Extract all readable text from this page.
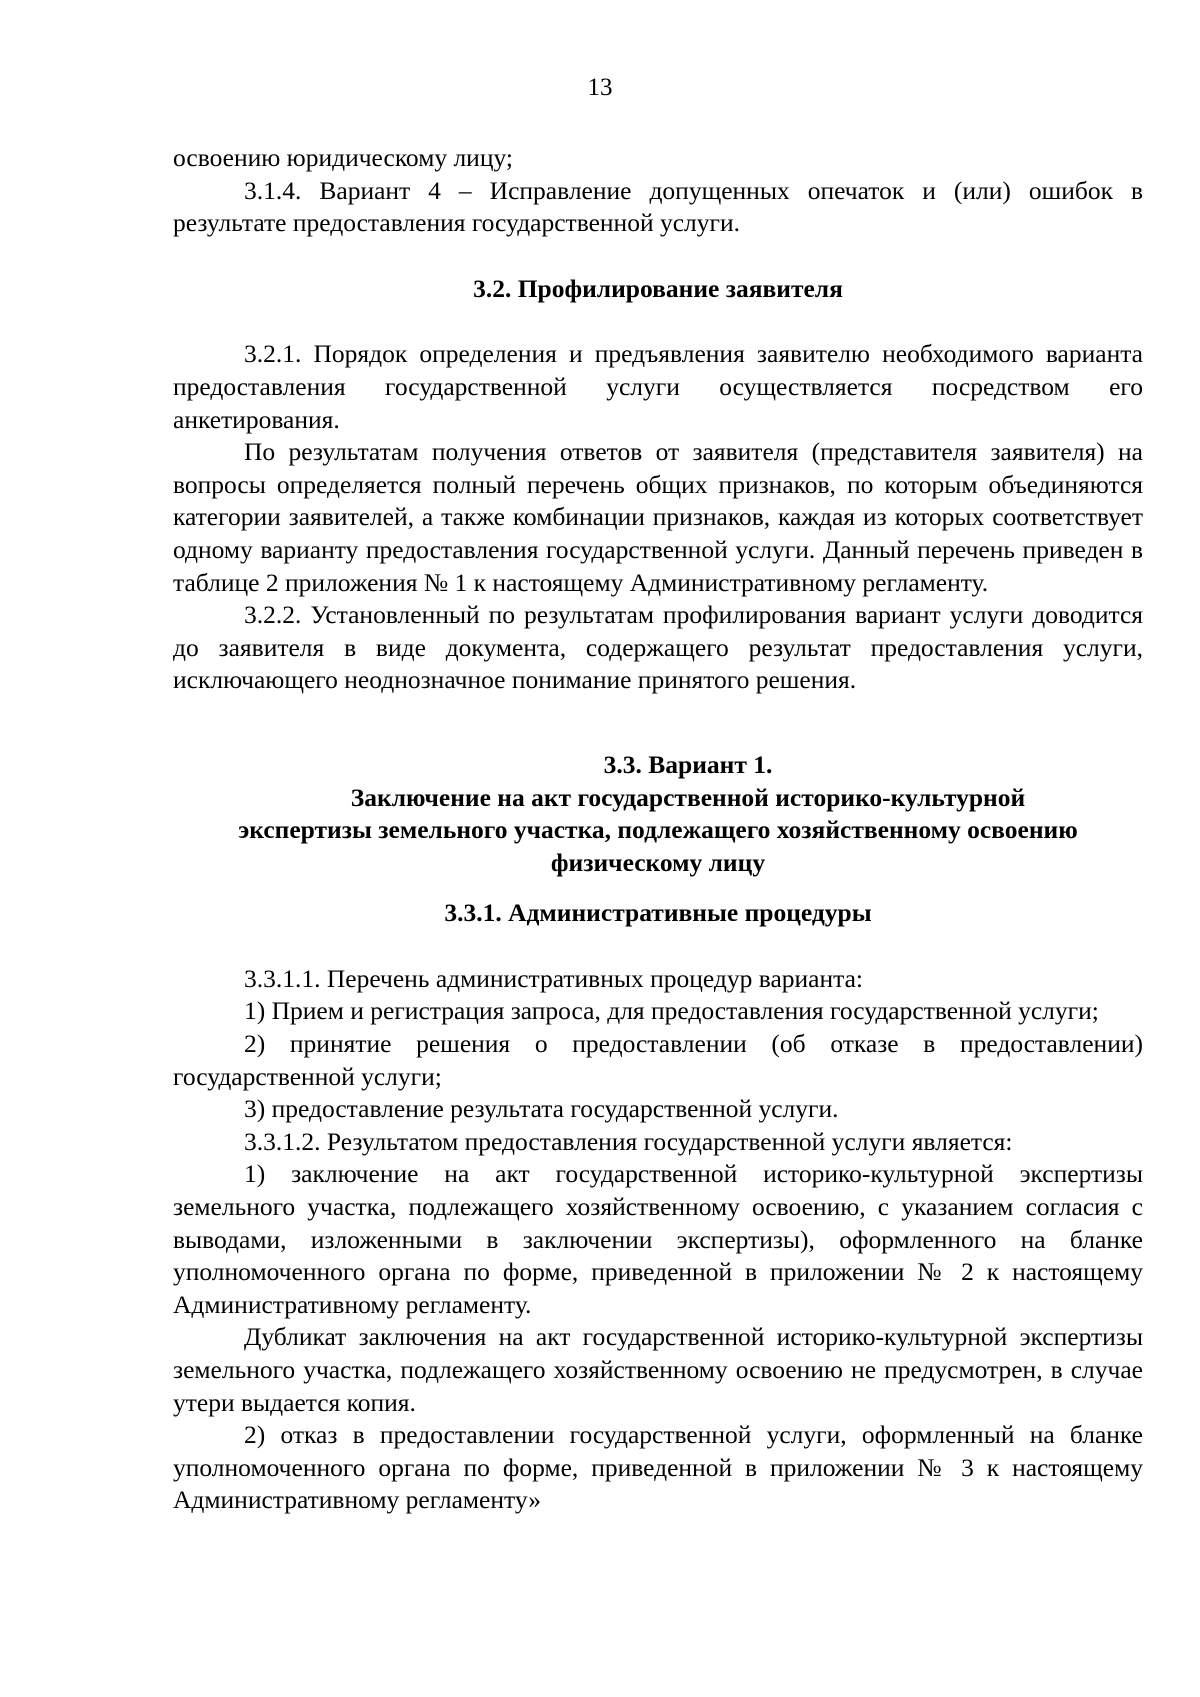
13

освоению юридическому лицу;

3.1.4. Вариант 4 – Исправление допущенных опечаток и (или) ошибок в результате предоставления государственной услуги.

3.2. Профилирование заявителя

3.2.1. Порядок определения и предъявления заявителю необходимого варианта предоставления государственной услуги осуществляется посредством его анкетирования.

По результатам получения ответов от заявителя (представителя заявителя) на вопросы определяется полный перечень общих признаков, по которым объединяются категории заявителей, а также комбинации признаков, каждая из которых соответствует одному варианту предоставления государственной услуги. Данный перечень приведен в таблице 2 приложения № 1 к настоящему Административному регламенту.

3.2.2. Установленный по результатам профилирования вариант услуги доводится до заявителя в виде документа, содержащего результат предоставления услуги, исключающего неоднозначное понимание принятого решения.

3.3. Вариант 1.
Заключение на акт государственной историко-культурной
экспертизы земельного участка, подлежащего хозяйственному освоению
физическому лицу
3.3.1. Административные процедуры

3.3.1.1. Перечень административных процедур варианта:

1) Прием и регистрация запроса, для предоставления государственной услуги;

2) принятие решения о предоставлении (об отказе в предоставлении) государственной услуги;

3) предоставление результата государственной услуги.

3.3.1.2. Результатом предоставления государственной услуги является:

1) заключение на акт государственной историко-культурной экспертизы земельного участка, подлежащего хозяйственному освоению, с указанием согласия с выводами, изложенными в заключении экспертизы), оформленного на бланке уполномоченного органа по форме, приведенной в приложении № 2 к настоящему Административному регламенту.

Дубликат заключения на акт государственной историко-культурной экспертизы земельного участка, подлежащего хозяйственному освоению не предусмотрен, в случае утери выдается копия.

2) отказ в предоставлении государственной услуги, оформленный на бланке уполномоченного органа по форме, приведенной в приложении № 3 к настоящему Административному регламенту»
